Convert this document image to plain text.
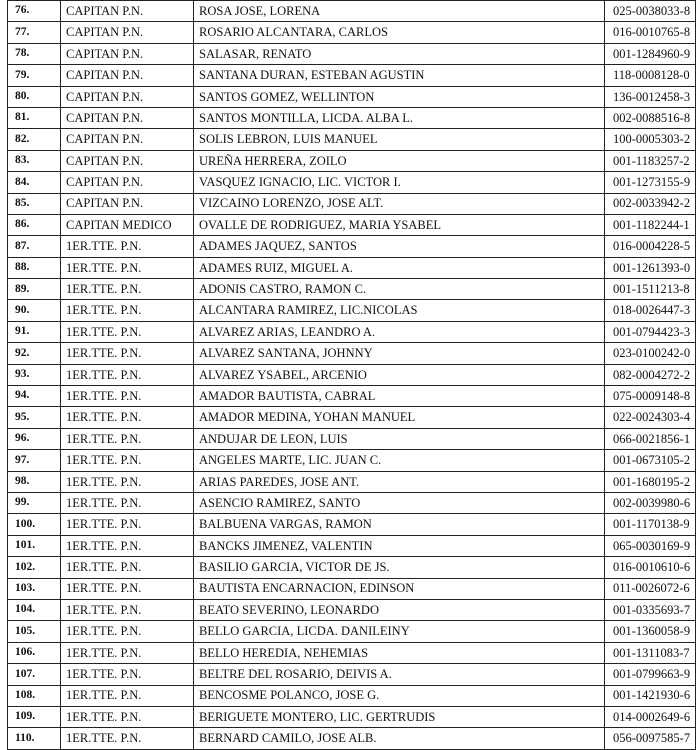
76.	CAPITAN P.N.	ROSA JOSE, LORENA	025-0038033-8
77.	CAPITAN P.N.	ROSARIO ALCANTARA, CARLOS	016-0010765-8
78.	CAPITAN P.N.	SALASAR, RENATO	001-1284960-9
79.	CAPITAN P.N.	SANTANA DURAN, ESTEBAN AGUSTIN	118-0008128-0
80.	CAPITAN P.N.	SANTOS GOMEZ, WELLINTON	136-0012458-3
81.	CAPITAN P.N.	SANTOS MONTILLA, LICDA. ALBA L.	002-0088516-8
82.	CAPITAN P.N.	SOLIS LEBRON, LUIS MANUEL	100-0005303-2
83.	CAPITAN P.N.	UREÑA HERRERA, ZOILO	001-1183257-2
84.	CAPITAN P.N.	VASQUEZ IGNACIO, LIC. VICTOR I.	001-1273155-9
85.	CAPITAN P.N.	VIZCAINO LORENZO, JOSE ALT.	002-0033942-2
86.	CAPITAN MEDICO	OVALLE DE RODRIGUEZ, MARIA YSABEL	001-1182244-1
87.	1ER.TTE. P.N.	ADAMES JAQUEZ, SANTOS	016-0004228-5
88.	1ER.TTE. P.N.	ADAMES RUIZ, MIGUEL A.	001-1261393-0
89.	1ER.TTE. P.N.	ADONIS CASTRO, RAMON C.	001-1511213-8
90.	1ER.TTE. P.N.	ALCANTARA RAMIREZ, LIC.NICOLAS	018-0026447-3
91.	1ER.TTE. P.N.	ALVAREZ ARIAS, LEANDRO A.	001-0794423-3
92.	1ER.TTE. P.N.	ALVAREZ SANTANA, JOHNNY	023-0100242-0
93.	1ER.TTE. P.N.	ALVAREZ YSABEL, ARCENIO	082-0004272-2
94.	1ER.TTE. P.N.	AMADOR BAUTISTA, CABRAL	075-0009148-8
95.	1ER.TTE. P.N.	AMADOR MEDINA, YOHAN MANUEL	022-0024303-4
96.	1ER.TTE. P.N.	ANDUJAR DE LEON, LUIS	066-0021856-1
97.	1ER.TTE. P.N.	ANGELES MARTE, LIC. JUAN C.	001-0673105-2
98.	1ER.TTE. P.N.	ARIAS PAREDES, JOSE ANT.	001-1680195-2
99.	1ER.TTE. P.N.	ASENCIO RAMIREZ, SANTO	002-0039980-6
100.	1ER.TTE. P.N.	BALBUENA VARGAS, RAMON	001-1170138-9
101.	1ER.TTE. P.N.	BANCKS JIMENEZ, VALENTIN	065-0030169-9
102.	1ER.TTE. P.N.	BASILIO GARCIA, VICTOR DE JS.	016-0010610-6
103.	1ER.TTE. P.N.	BAUTISTA ENCARNACION, EDINSON	011-0026072-6
104.	1ER.TTE. P.N.	BEATO SEVERINO, LEONARDO	001-0335693-7
105.	1ER.TTE. P.N.	BELLO GARCIA, LICDA. DANILEINY	001-1360058-9
106.	1ER.TTE. P.N.	BELLO HEREDIA, NEHEMIAS	001-1311083-7
107.	1ER.TTE. P.N.	BELTRE DEL ROSARIO, DEIVIS A.	001-0799663-9
108.	1ER.TTE. P.N.	BENCOSME POLANCO, JOSE G.	001-1421930-6
109.	1ER.TTE. P.N.	BERIGUETE MONTERO, LIC. GERTRUDIS	014-0002649-6
110.	1ER.TTE. P.N.	BERNARD CAMILO, JOSE ALB.	056-0097585-7
